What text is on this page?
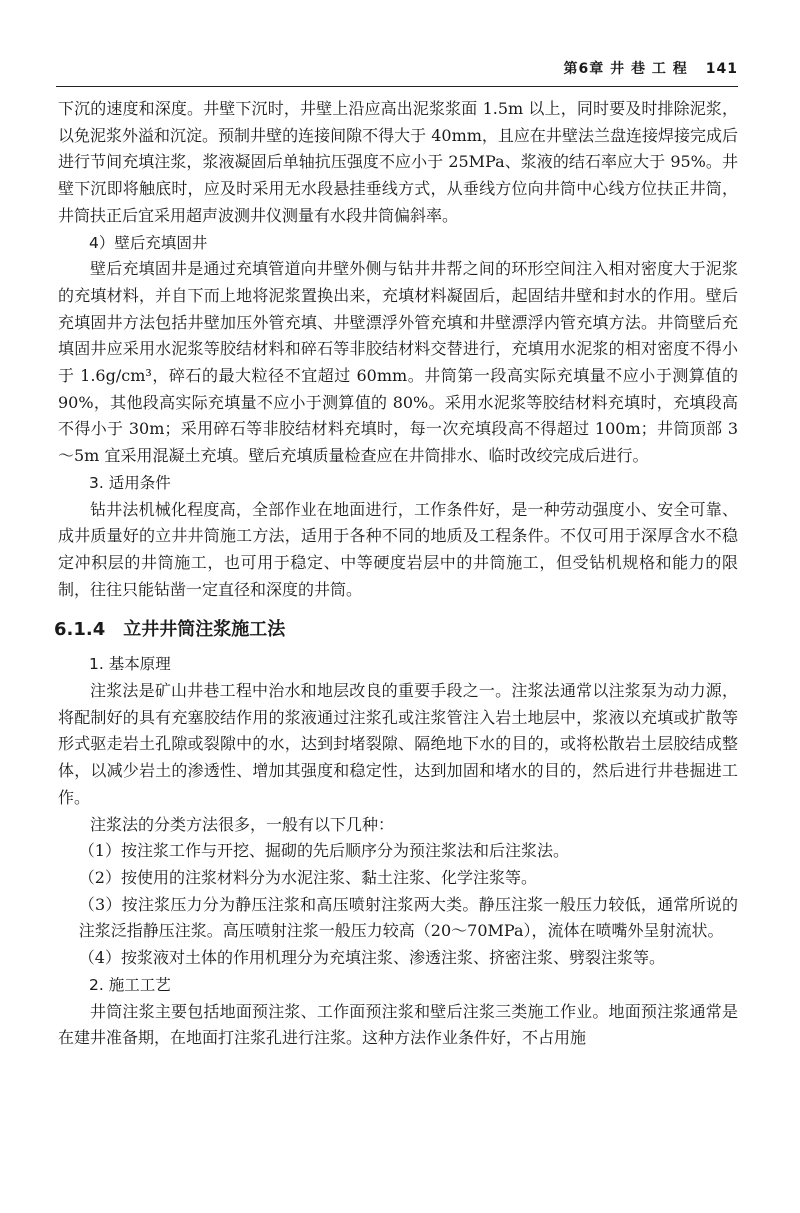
第6章 井 巷 工 程 141

下沉的速度和深度。井壁下沉时，井壁上沿应高出泥浆浆面 1.5m 以上，同时要及时排除泥浆，以免泥浆外溢和沉淀。预制井壁的连接间隙不得大于 40mm，且应在井壁法兰盘连接焊接完成后进行节间充填注浆，浆液凝固后单轴抗压强度不应小于 25MPa、浆液的结石率应大于 95%。井壁下沉即将触底时，应及时采用无水段悬挂垂线方式，从垂线方位向井筒中心线方位扶正井筒，井筒扶正后宜采用超声波测井仪测量有水段井筒偏斜率。

4）壁后充填固井

壁后充填固井是通过充填管道向井壁外侧与钻井井帮之间的环形空间注入相对密度大于泥浆的充填材料，并自下而上地将泥浆置换出来，充填材料凝固后，起固结井壁和封水的作用。壁后充填固井方法包括井壁加压外管充填、井壁漂浮外管充填和井壁漂浮内管充填方法。井筒壁后充填固井应采用水泥浆等胶结材料和碎石等非胶结材料交替进行，充填用水泥浆的相对密度不得小于 1.6g/cm³，碎石的最大粒径不宜超过 60mm。井筒第一段高实际充填量不应小于测算值的 90%，其他段高实际充填量不应小于测算值的 80%。采用水泥浆等胶结材料充填时，充填段高不得小于 30m；采用碎石等非胶结材料充填时，每一次充填段高不得超过 100m；井筒顶部 3～5m 宜采用混凝土充填。壁后充填质量检查应在井筒排水、临时改绞完成后进行。

3. 适用条件

钻井法机械化程度高，全部作业在地面进行，工作条件好，是一种劳动强度小、安全可靠、成井质量好的立井井筒施工方法，适用于各种不同的地质及工程条件。不仅可用于深厚含水不稳定冲积层的井筒施工，也可用于稳定、中等硬度岩层中的井筒施工，但受钻机规格和能力的限制，往往只能钻凿一定直径和深度的井筒。

6.1.4 立井井筒注浆施工法
1. 基本原理

注浆法是矿山井巷工程中治水和地层改良的重要手段之一。注浆法通常以注浆泵为动力源，将配制好的具有充塞胶结作用的浆液通过注浆孔或注浆管注入岩土地层中，浆液以充填或扩散等形式驱走岩土孔隙或裂隙中的水，达到封堵裂隙、隔绝地下水的目的，或将松散岩土层胶结成整体，以减少岩土的渗透性、增加其强度和稳定性，达到加固和堵水的目的，然后进行井巷掘进工作。

注浆法的分类方法很多，一般有以下几种：

（1）按注浆工作与开挖、掘砌的先后顺序分为预注浆法和后注浆法。

（2）按使用的注浆材料分为水泥注浆、黏土注浆、化学注浆等。

（3）按注浆压力分为静压注浆和高压喷射注浆两大类。静压注浆一般压力较低，通常所说的注浆泛指静压注浆。高压喷射注浆一般压力较高（20～70MPa），流体在喷嘴外呈射流状。

（4）按浆液对土体的作用机理分为充填注浆、渗透注浆、挤密注浆、劈裂注浆等。

2. 施工工艺

井筒注浆主要包括地面预注浆、工作面预注浆和壁后注浆三类施工作业。地面预注浆通常是在建井准备期，在地面打注浆孔进行注浆。这种方法作业条件好，不占用施
